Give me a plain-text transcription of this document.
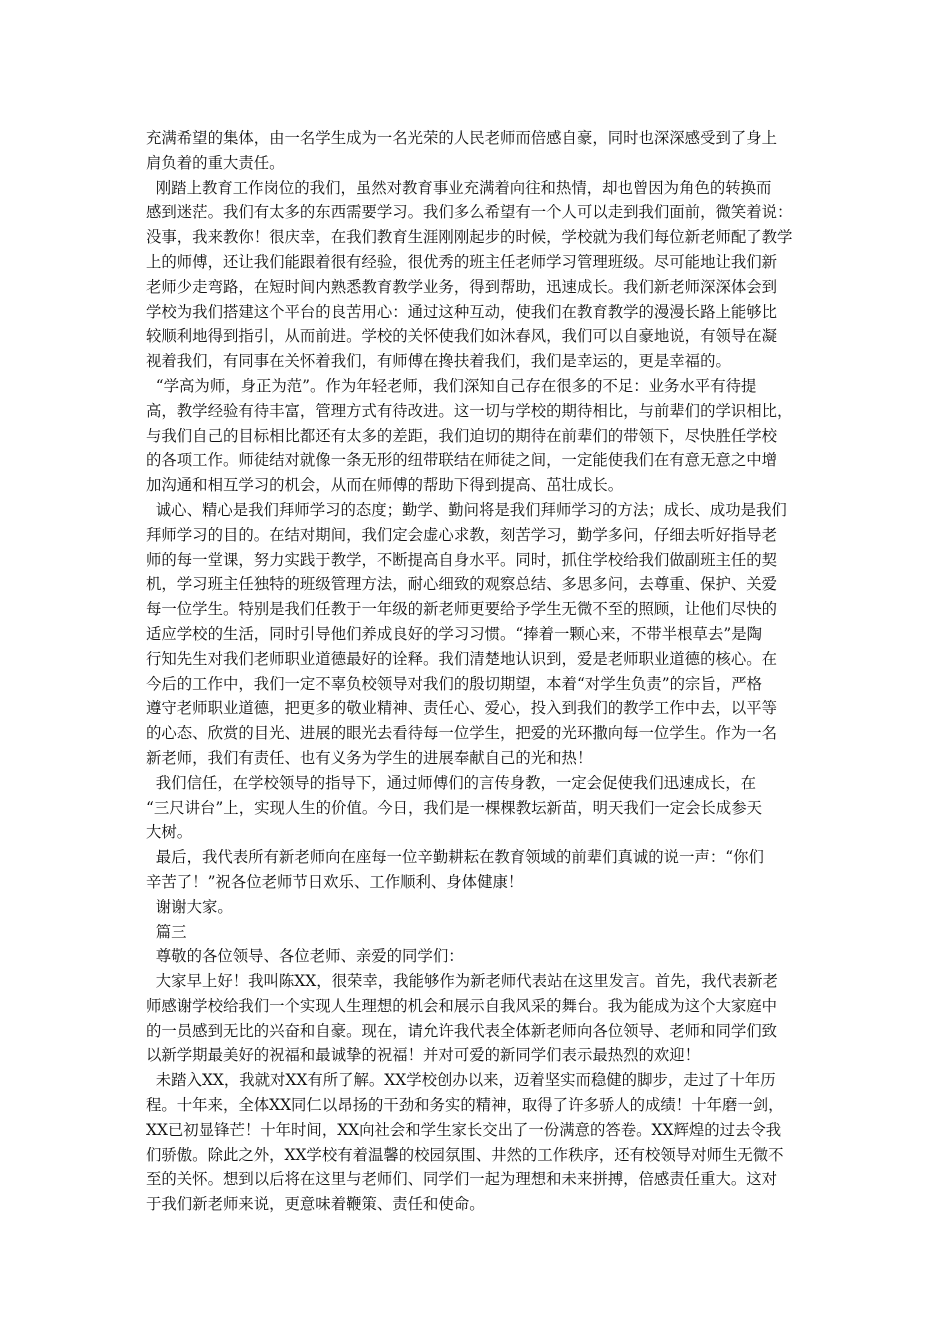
充满希望的集体，由一名学生成为一名光荣的人民老师而倍感自豪，同时也深深感受到了身上
肩负着的重大责任。
刚踏上教育工作岗位的我们，虽然对教育事业充满着向往和热情，却也曾因为角色的转换而
感到迷茫。我们有太多的东西需要学习。我们多么希望有一个人可以走到我们面前，微笑着说：
没事，我来教你！很庆幸，在我们教育生涯刚刚起步的时候，学校就为我们每位新老师配了教学
上的师傅，还让我们能跟着很有经验，很优秀的班主任老师学习管理班级。尽可能地让我们新
老师少走弯路，在短时间内熟悉教育教学业务，得到帮助，迅速成长。我们新老师深深体会到
学校为我们搭建这个平台的良苦用心：通过这种互动，使我们在教育教学的漫漫长路上能够比
较顺利地得到指引，从而前进。学校的关怀使我们如沐春风，我们可以自豪地说，有领导在凝
视着我们，有同事在关怀着我们，有师傅在搀扶着我们，我们是幸运的，更是幸福的。
“学高为师，身正为范”。作为年轻老师，我们深知自己存在很多的不足：业务水平有待提
高，教学经验有待丰富，管理方式有待改进。这一切与学校的期待相比，与前辈们的学识相比，
与我们自己的目标相比都还有太多的差距，我们迫切的期待在前辈们的带领下，尽快胜任学校
的各项工作。师徒结对就像一条无形的纽带联结在师徒之间，一定能使我们在有意无意之中增
加沟通和相互学习的机会，从而在师傅的帮助下得到提高、茁壮成长。
诚心、精心是我们拜师学习的态度；勤学、勤问将是我们拜师学习的方法；成长、成功是我们
拜师学习的目的。在结对期间，我们定会虚心求教，刻苦学习，勤学多问，仔细去听好指导老
师的每一堂课，努力实践于教学，不断提高自身水平。同时，抓住学校给我们做副班主任的契
机，学习班主任独特的班级管理方法，耐心细致的观察总结、多思多问，去尊重、保护、关爱
每一位学生。特别是我们任教于一年级的新老师更要给予学生无微不至的照顾，让他们尽快的
适应学校的生活，同时引导他们养成良好的学习习惯。“捧着一颗心来，不带半根草去”是陶
行知先生对我们老师职业道德最好的诠释。我们清楚地认识到，爱是老师职业道德的核心。在
今后的工作中，我们一定不辜负校领导对我们的殷切期望，本着“对学生负责”的宗旨，严格
遵守老师职业道德，把更多的敬业精神、责任心、爱心，投入到我们的教学工作中去，以平等
的心态、欣赏的目光、进展的眼光去看待每一位学生，把爱的光环撒向每一位学生。作为一名
新老师，我们有责任、也有义务为学生的进展奉献自己的光和热！
我们信任，在学校领导的指导下，通过师傅们的言传身教，一定会促使我们迅速成长，在
“三尺讲台”上，实现人生的价值。今日，我们是一棵棵教坛新苗，明天我们一定会长成参天
大树。
最后，我代表所有新老师向在座每一位辛勤耕耘在教育领域的前辈们真诚的说一声：“你们
辛苦了！”祝各位老师节日欢乐、工作顺利、身体健康！
谢谢大家。
篇三
尊敬的各位领导、各位老师、亲爱的同学们：
大家早上好！我叫陈XX，很荣幸，我能够作为新老师代表站在这里发言。首先，我代表新老
师感谢学校给我们一个实现人生理想的机会和展示自我风采的舞台。我为能成为这个大家庭中
的一员感到无比的兴奋和自豪。现在，请允许我代表全体新老师向各位领导、老师和同学们致
以新学期最美好的祝福和最诚挚的祝福！并对可爱的新同学们表示最热烈的欢迎！
未踏入XX，我就对XX有所了解。XX学校创办以来，迈着坚实而稳健的脚步，走过了十年历
程。十年来，全体XX同仁以昂扬的干劲和务实的精神，取得了许多骄人的成绩！十年磨一剑，
XX已初显锋芒！十年时间，XX向社会和学生家长交出了一份满意的答卷。XX辉煌的过去令我
们骄傲。除此之外，XX学校有着温馨的校园氛围、井然的工作秩序，还有校领导对师生无微不
至的关怀。想到以后将在这里与老师们、同学们一起为理想和未来拼搏，倍感责任重大。这对
于我们新老师来说，更意味着鞭策、责任和使命。
